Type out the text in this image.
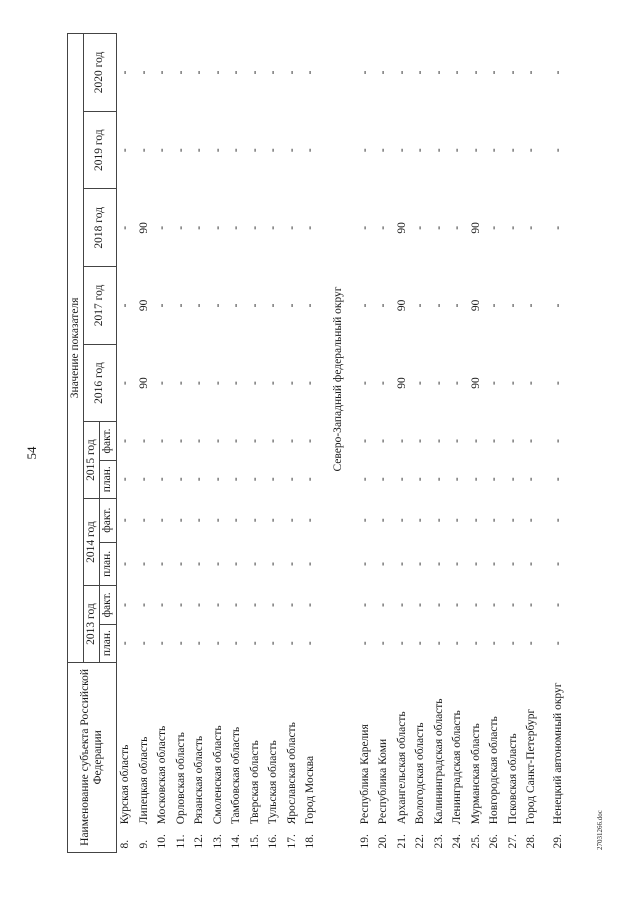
54
27031266.doc
Наименование субъекта Российской Федерации		Значение показателя										
		2013 год		2014 год		2015 год		2016 год	2017 год	2018 год	2019 год	2020 год
		план.	факт.	план.	факт.	план.	факт.					
8.	Курская область	-	-	-	-	-	-	-	-	-	-	-
9.	Липецкая область	-	-	-	-	-	-	90	90	90	-	-
10.	Московская область	-	-	-	-	-	-	-	-	-	-	-
11.	Орловская область	-	-	-	-	-	-	-	-	-	-	-
12.	Рязанская область	-	-	-	-	-	-	-	-	-	-	-
13.	Смоленская область	-	-	-	-	-	-	-	-	-	-	-
14.	Тамбовская область	-	-	-	-	-	-	-	-	-	-	-
15.	Тверская область	-	-	-	-	-	-	-	-	-	-	-
16.	Тульская область	-	-	-	-	-	-	-	-	-	-	-
17.	Ярославская область	-	-	-	-	-	-	-	-	-	-	-
18.	Город Москва	-	-	-	-	-	-	-	-	-	-	-
Северо-Западный федеральный округ												
19.	Республика Карелия	-	-	-	-	-	-	-	-	-	-	-
20.	Республика Коми	-	-	-	-	-	-	-	-	-	-	-
21.	Архангельская область	-	-	-	-	-	-	90	90	90	-	-
22.	Вологодская область	-	-	-	-	-	-	-	-	-	-	-
23.	Калининградская область	-	-	-	-	-	-	-	-	-	-	-
24.	Ленинградская область	-	-	-	-	-	-	-	-	-	-	-
25.	Мурманская область	-	-	-	-	-	-	90	90	90	-	-
26.	Новгородская область	-	-	-	-	-	-	-	-	-	-	-
27.	Псковская область	-	-	-	-	-	-	-	-	-	-	-
28.	Город Санкт-Петербург	-	-	-	-	-	-	-	-	-	-	-
29.	Ненецкий автономный округ	-	-	-	-	-	-	-	-	-	-	-
